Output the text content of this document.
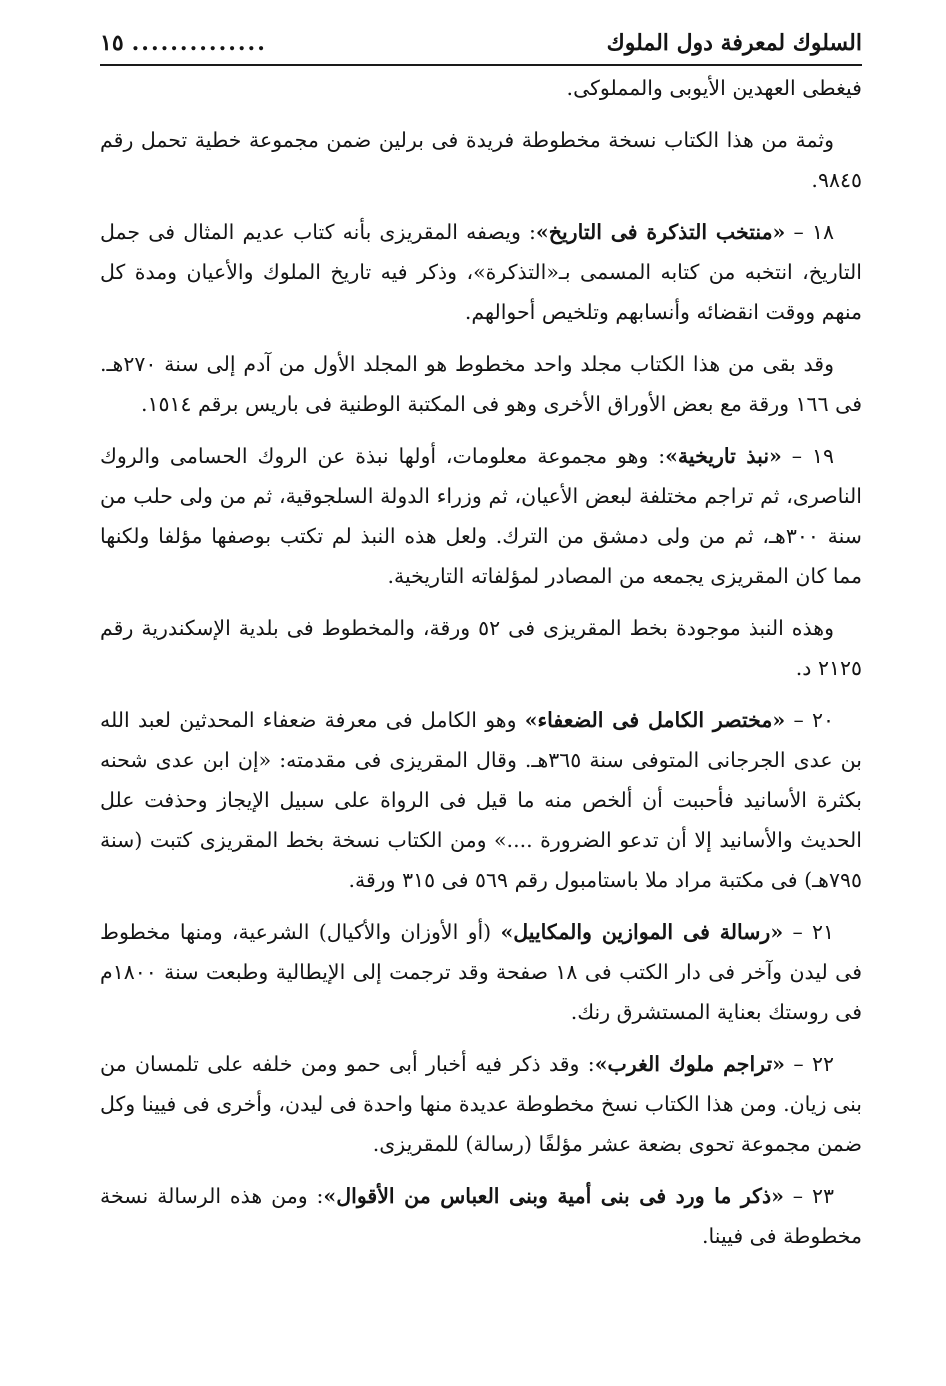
السلوك لمعرفة دول الملوك
..............
١٥

فيغطى العهدين الأيوبى والمملوكى.

وثمة من هذا الكتاب نسخة مخطوطة فريدة فى برلين ضمن مجموعة خطية تحمل رقم ٩٨٤٥.

١٨ – «منتخب التذكرة فى التاريخ»: ويصفه المقريزى بأنه كتاب عديم المثال فى جمل التاريخ، انتخبه من كتابه المسمى بـ«التذكرة»، وذكر فيه تاريخ الملوك والأعيان ومدة كل منهم ووقت انقضائه وأنسابهم وتلخيص أحوالهم.

وقد بقى من هذا الكتاب مجلد واحد مخطوط هو المجلد الأول من آدم إلى سنة ٢٧٠هـ. فى ١٦٦ ورقة مع بعض الأوراق الأخرى وهو فى المكتبة الوطنية فى باريس برقم ١٥١٤.

١٩ – «نبذ تاريخية»: وهو مجموعة معلومات، أولها نبذة عن الروك الحسامى والروك الناصرى، ثم تراجم مختلفة لبعض الأعيان، ثم وزراء الدولة السلجوقية، ثم من ولى حلب من سنة ٣٠٠هـ، ثم من ولى دمشق من الترك. ولعل هذه النبذ لم تكتب بوصفها مؤلفا ولكنها مما كان المقريزى يجمعه من المصادر لمؤلفاته التاريخية.

وهذه النبذ موجودة بخط المقريزى فى ٥٢ ورقة، والمخطوط فى بلدية الإسكندرية رقم ٢١٢٥ د.

٢٠ – «مختصر الكامل فى الضعفاء» وهو الكامل فى معرفة ضعفاء المحدثين لعبد الله بن عدى الجرجانى المتوفى سنة ٣٦٥هـ. وقال المقريزى فى مقدمته: «إن ابن عدى شحنه بكثرة الأسانيد فأحببت أن ألخص منه ما قيل فى الرواة على سبيل الإيجاز وحذفت علل الحديث والأسانيد إلا أن تدعو الضرورة ....» ومن الكتاب نسخة بخط المقريزى كتبت (سنة ٧٩٥هـ) فى مكتبة مراد ملا باستامبول رقم ٥٦٩ فى ٣١٥ ورقة.

٢١ – «رسالة فى الموازين والمكاييل» (أو الأوزان والأكيال) الشرعية، ومنها مخطوط فى ليدن وآخر فى دار الكتب فى ١٨ صفحة وقد ترجمت إلى الإيطالية وطبعت سنة ١٨٠٠م فى روستك بعناية المستشرق رنك.

٢٢ – «تراجم ملوك الغرب»: وقد ذكر فيه أخبار أبى حمو ومن خلفه على تلمسان من بنى زيان. ومن هذا الكتاب نسخ مخطوطة عديدة منها واحدة فى ليدن، وأخرى فى فيينا وكل ضمن مجموعة تحوى بضعة عشر مؤلفًا (رسالة) للمقريزى.

٢٣ – «ذكر ما ورد فى بنى أمية وبنى العباس من الأقوال»: ومن هذه الرسالة نسخة مخطوطة فى فيينا.
